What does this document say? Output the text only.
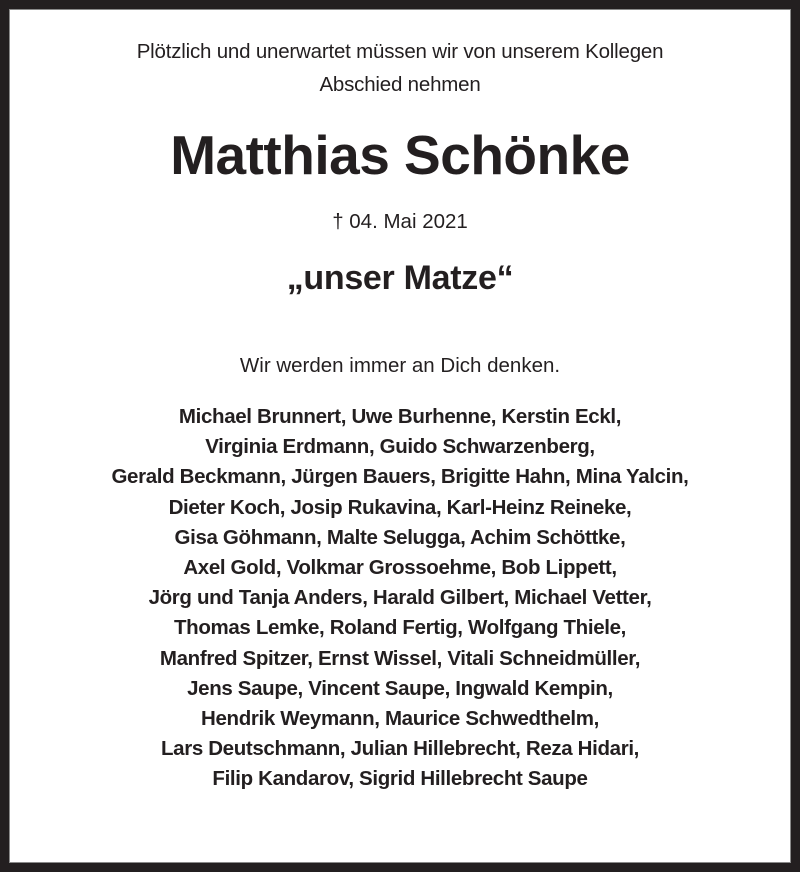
Plötzlich und unerwartet müssen wir von unserem Kollegen
Abschied nehmen
Matthias Schönke
† 04. Mai 2021
„unser Matze“
Wir werden immer an Dich denken.
Michael Brunnert, Uwe Burhenne, Kerstin Eckl,
Virginia Erdmann, Guido Schwarzenberg,
Gerald Beckmann, Jürgen Bauers, Brigitte Hahn, Mina Yalcin,
Dieter Koch, Josip Rukavina, Karl-Heinz Reineke,
Gisa Göhmann, Malte Selugga, Achim Schöttke,
Axel Gold, Volkmar Grossoehme, Bob Lippett,
Jörg und Tanja Anders, Harald Gilbert, Michael Vetter,
Thomas Lemke, Roland Fertig, Wolfgang Thiele,
Manfred Spitzer, Ernst Wissel, Vitali Schneidmüller,
Jens Saupe, Vincent Saupe, Ingwald Kempin,
Hendrik Weymann, Maurice Schwedthelm,
Lars Deutschmann, Julian Hillebrecht, Reza Hidari,
Filip Kandarov, Sigrid Hillebrecht Saupe
